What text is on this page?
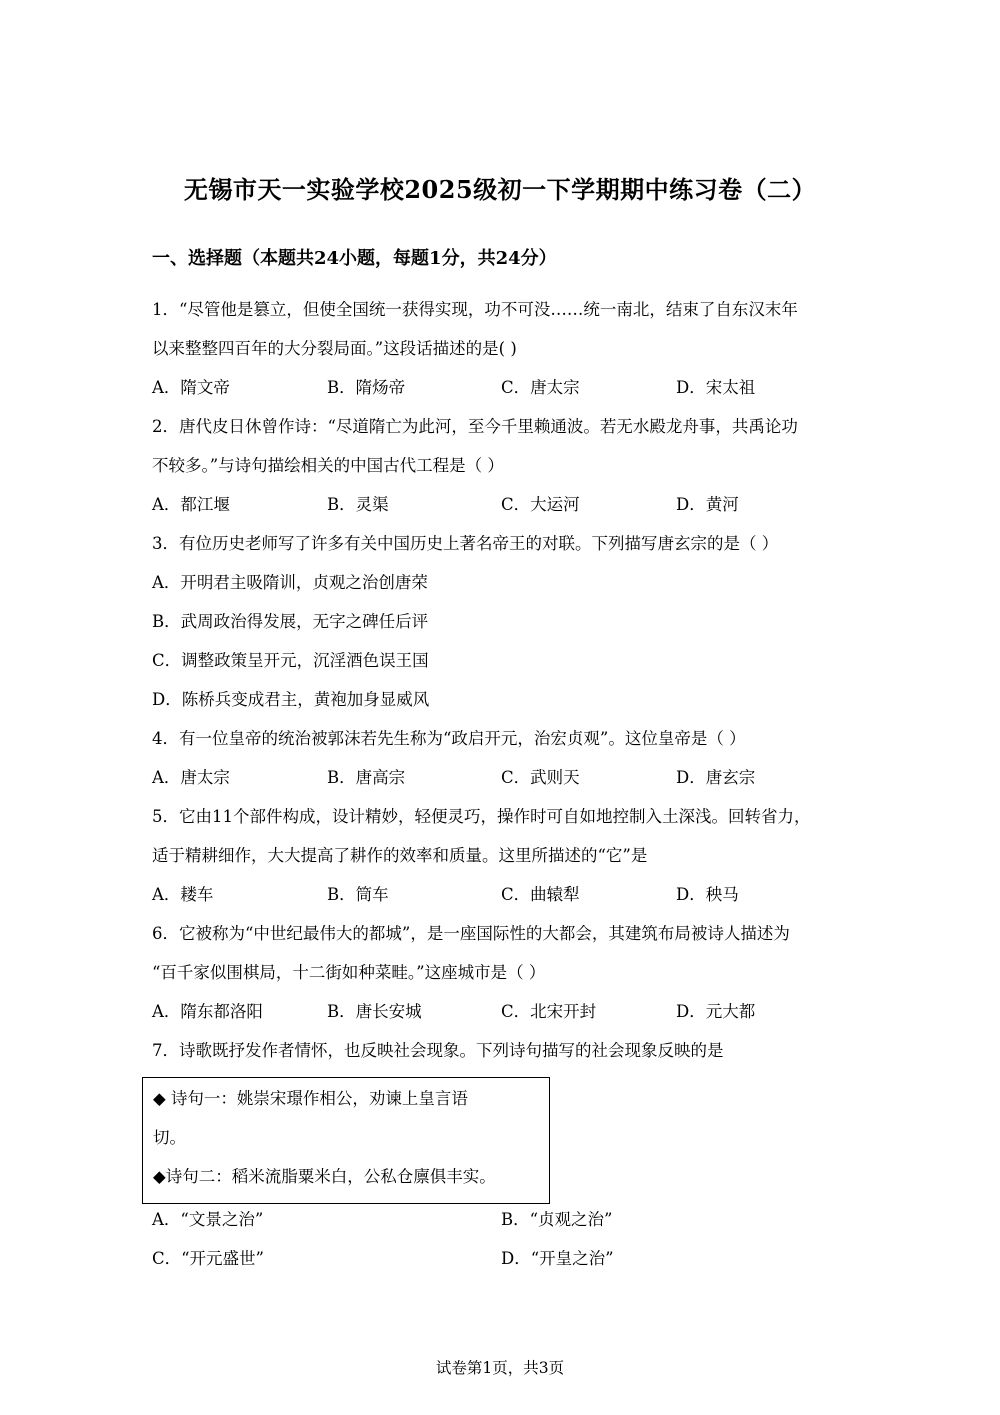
无锡市天一实验学校2025级初一下学期期中练习卷（二）
一、选择题（本题共24小题，每题1分，共24分）
1．“尽管他是篡立，但使全国统一获得实现，功不可没……统一南北，结束了自东汉末年
以来整整四百年的大分裂局面。”这段话描述的是( )
A．隋文帝	B．隋炀帝	C．唐太宗	D．宋太祖
2．唐代皮日休曾作诗：“尽道隋亡为此河，至今千里赖通波。若无水殿龙舟事，共禹论功
不较多。”与诗句描绘相关的中国古代工程是（ ）
A．都江堰	B．灵渠	C．大运河	D．黄河
3．有位历史老师写了许多有关中国历史上著名帝王的对联。下列描写唐玄宗的是（ ）
A．开明君主吸隋训，贞观之治创唐荣
B．武周政治得发展，无字之碑任后评
C．调整政策呈开元，沉淫酒色误王国
D．陈桥兵变成君主，黄袍加身显威风
4．有一位皇帝的统治被郭沫若先生称为“政启开元，治宏贞观”。这位皇帝是（ ）
A．唐太宗	B．唐高宗	C．武则天	D．唐玄宗
5．它由11个部件构成，设计精妙，轻便灵巧，操作时可自如地控制入土深浅。回转省力，
适于精耕细作，大大提高了耕作的效率和质量。这里所描述的“它”是
A．耧车	B．筒车	C．曲辕犁	D．秧马
6．它被称为“中世纪最伟大的都城”，是一座国际性的大都会，其建筑布局被诗人描述为
“百千家似围棋局，十二街如种菜畦。”这座城市是（ ）
A．隋东都洛阳	B．唐长安城	C．北宋开封	D．元大都
7．诗歌既抒发作者情怀，也反映社会现象。下列诗句描写的社会现象反映的是
◆ 诗句一：姚崇宋璟作相公，劝谏上皇言语
切。
◆诗句二：稻米流脂粟米白，公私仓廪俱丰实。
A．“文景之治”	B．“贞观之治”
C．“开元盛世”	D．“开皇之治”
试卷第1页，共3页
